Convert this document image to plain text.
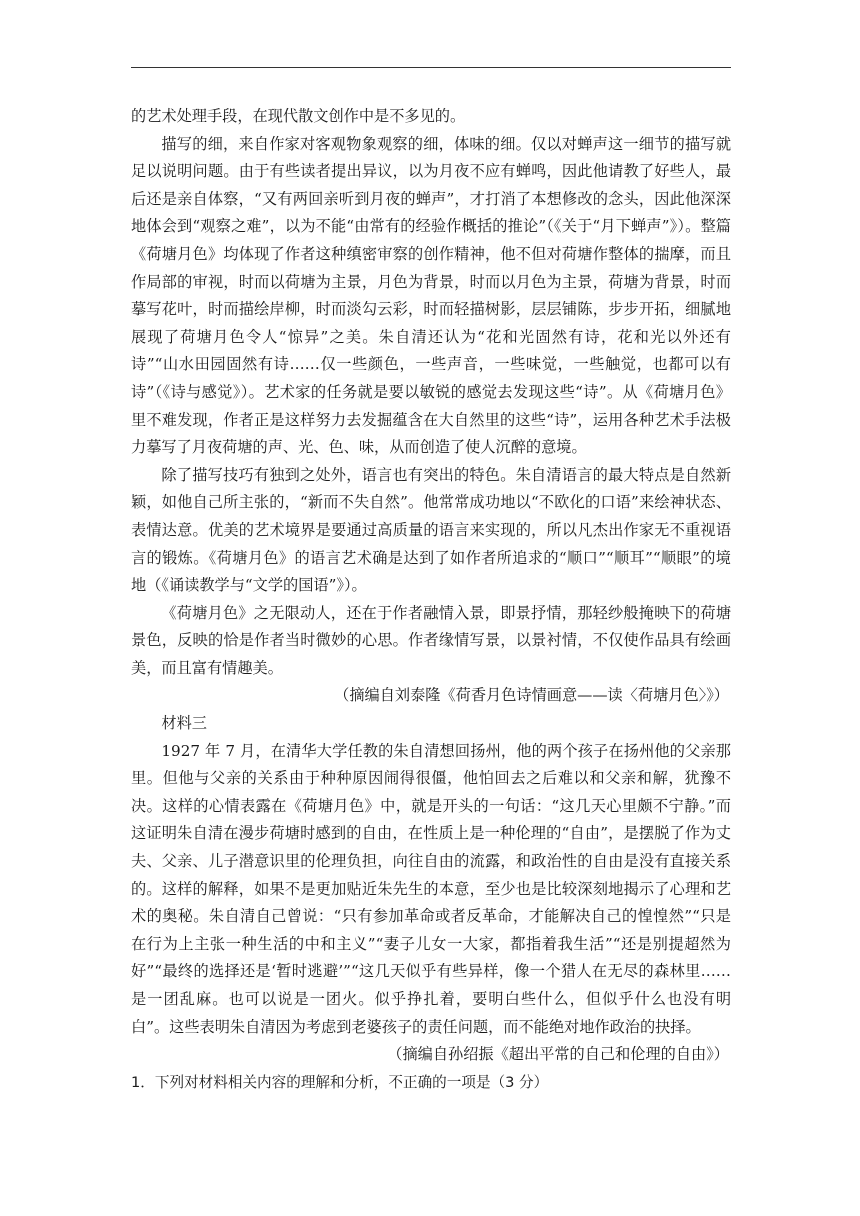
的艺术处理手段，在现代散文创作中是不多见的。

描写的细，来自作家对客观物象观察的细，体味的细。仅以对蝉声这一细节的描写就足以说明问题。由于有些读者提出异议，以为月夜不应有蝉鸣，因此他请教了好些人，最后还是亲自体察，“又有两回亲听到月夜的蝉声”，才打消了本想修改的念头，因此他深深地体会到“观察之难”，以为不能“由常有的经验作概括的推论”（《关于“月下蝉声”》）。整篇《荷塘月色》均体现了作者这种缜密审察的创作精神，他不但对荷塘作整体的揣摩，而且作局部的审视，时而以荷塘为主景，月色为背景，时而以月色为主景，荷塘为背景，时而摹写花叶，时而描绘岸柳，时而淡勾云彩，时而轻描树影，层层铺陈，步步开拓，细腻地展现了荷塘月色令人“惊异”之美。朱自清还认为“花和光固然有诗，花和光以外还有诗”“山水田园固然有诗……仅一些颜色，一些声音，一些味觉，一些触觉，也都可以有诗”（《诗与感觉》）。艺术家的任务就是要以敏锐的感觉去发现这些“诗”。从《荷塘月色》里不难发现，作者正是这样努力去发掘蕴含在大自然里的这些“诗”，运用各种艺术手法极力摹写了月夜荷塘的声、光、色、味，从而创造了使人沉醉的意境。

除了描写技巧有独到之处外，语言也有突出的特色。朱自清语言的最大特点是自然新颖，如他自己所主张的，“新而不失自然”。他常常成功地以“不欧化的口语”来绘神状态、表情达意。优美的艺术境界是要通过高质量的语言来实现的，所以凡杰出作家无不重视语言的锻炼。《荷塘月色》的语言艺术确是达到了如作者所追求的“顺口”“顺耳”“顺眼”的境地（《诵读教学与“文学的国语”》）。

《荷塘月色》之无限动人，还在于作者融情入景，即景抒情，那轻纱般掩映下的荷塘景色，反映的恰是作者当时微妙的心思。作者缘情写景，以景衬情，不仅使作品具有绘画美，而且富有情趣美。

（摘编自刘泰隆《荷香月色诗情画意——读〈荷塘月色〉》）

材料三

1927 年 7 月，在清华大学任教的朱自清想回扬州，他的两个孩子在扬州他的父亲那里。但他与父亲的关系由于种种原因闹得很僵，他怕回去之后难以和父亲和解，犹豫不决。这样的心情表露在《荷塘月色》中，就是开头的一句话：“这几天心里颇不宁静。”而这证明朱自清在漫步荷塘时感到的自由，在性质上是一种伦理的“自由”，是摆脱了作为丈夫、父亲、儿子潜意识里的伦理负担，向往自由的流露，和政治性的自由是没有直接关系的。这样的解释，如果不是更加贴近朱先生的本意，至少也是比较深刻地揭示了心理和艺术的奥秘。朱自清自己曾说：“只有参加革命或者反革命，才能解决自己的惶惶然”“只是在行为上主张一种生活的中和主义”“妻子儿女一大家，都指着我生活”“还是别提超然为好”“最终的选择还是‘暂时逃避’”“这几天似乎有些异样，像一个猎人在无尽的森林里……是一团乱麻。也可以说是一团火。似乎挣扎着，要明白些什么，但似乎什么也没有明白”。这些表明朱自清因为考虑到老婆孩子的责任问题，而不能绝对地作政治的抉择。

（摘编自孙绍振《超出平常的自己和伦理的自由》）

1．下列对材料相关内容的理解和分析，不正确的一项是（3 分）
